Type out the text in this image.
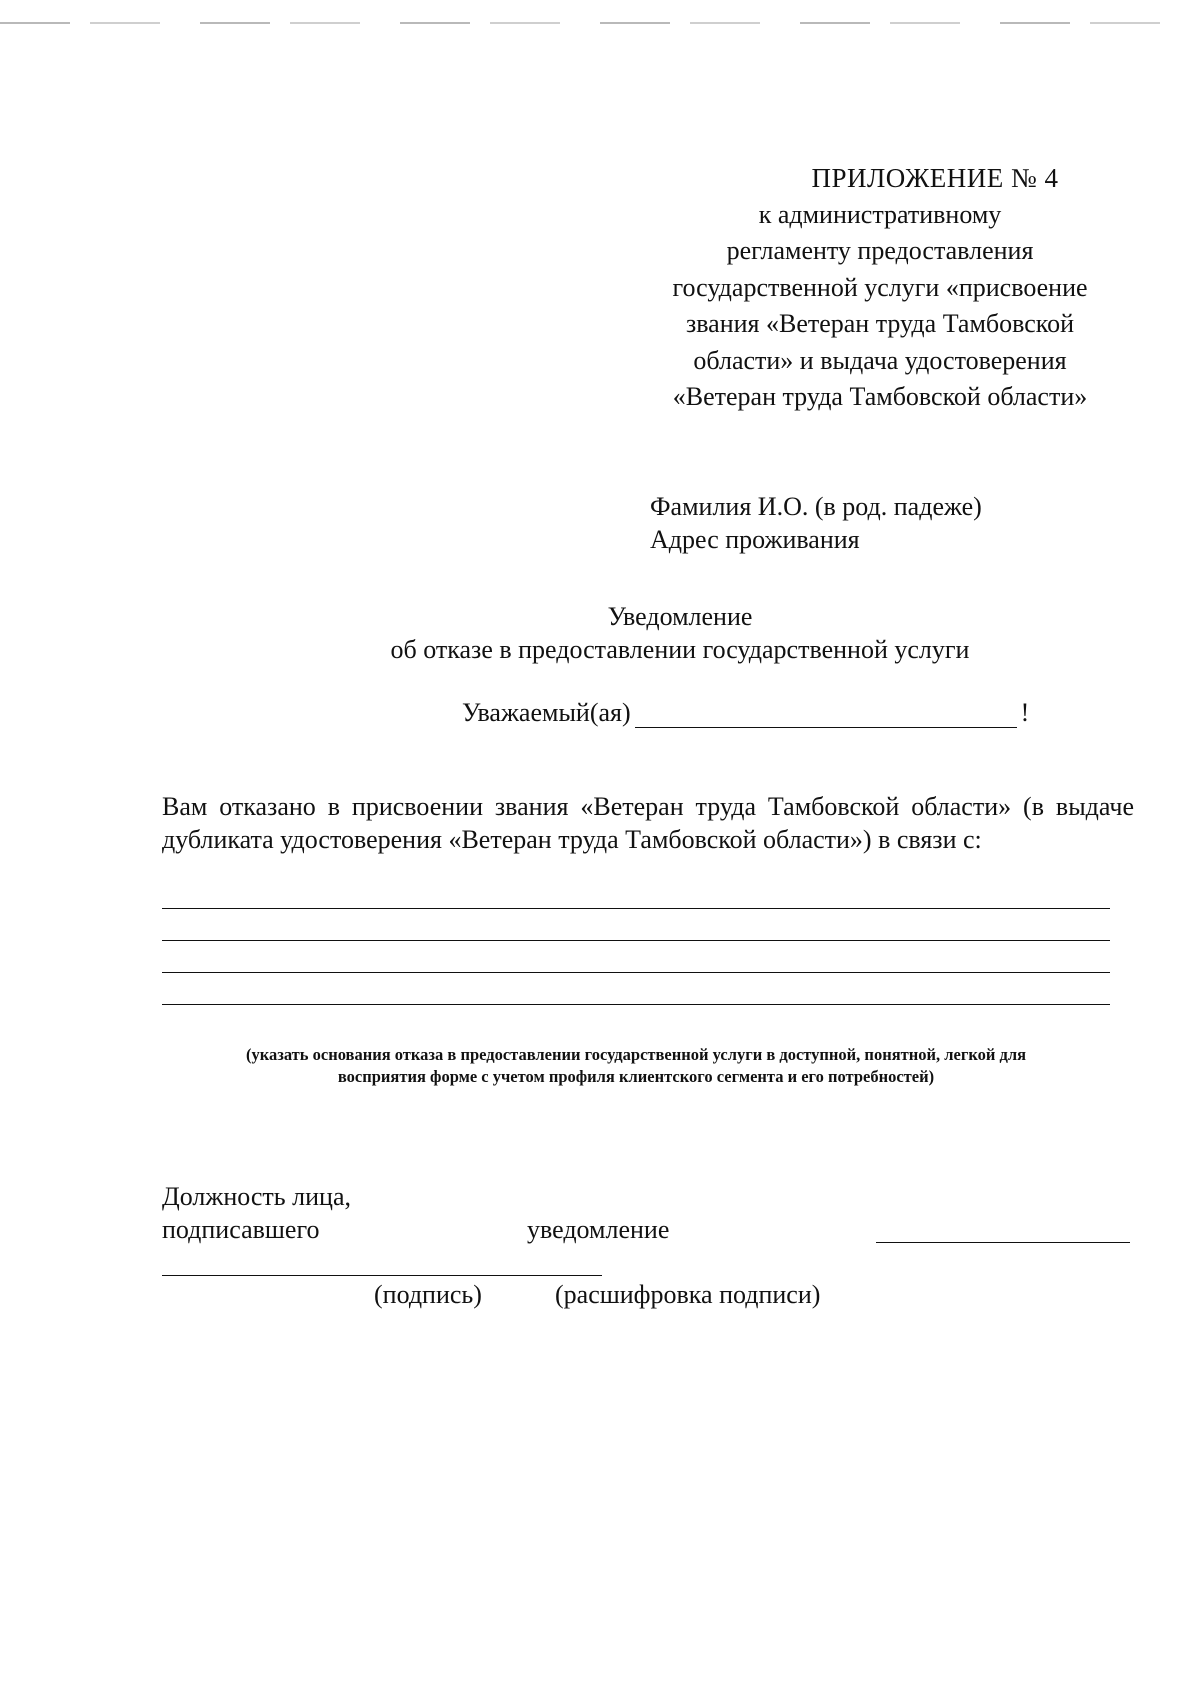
ПРИЛОЖЕНИЕ № 4
к административному
регламенту предоставления
государственной услуги «присвоение
звания «Ветеран труда Тамбовской
области» и выдача удостоверения
«Ветеран труда Тамбовской области»
Фамилия И.О. (в род. падеже)
Адрес проживания
Уведомление
об отказе в предоставлении государственной услуги
Уважаемый(ая)	!
Вам отказано в присвоении звания «Ветеран труда Тамбовской области» (в выдаче дубликата удостоверения «Ветеран труда Тамбовской области») в связи с:
(указать основания отказа в предоставлении государственной услуги в доступной, понятной, легкой для
восприятия форме с учетом профиля клиентского сегмента и его потребностей)
Должность лица,
подписавшего	уведомление
(подпись)	(расшифровка подписи)
